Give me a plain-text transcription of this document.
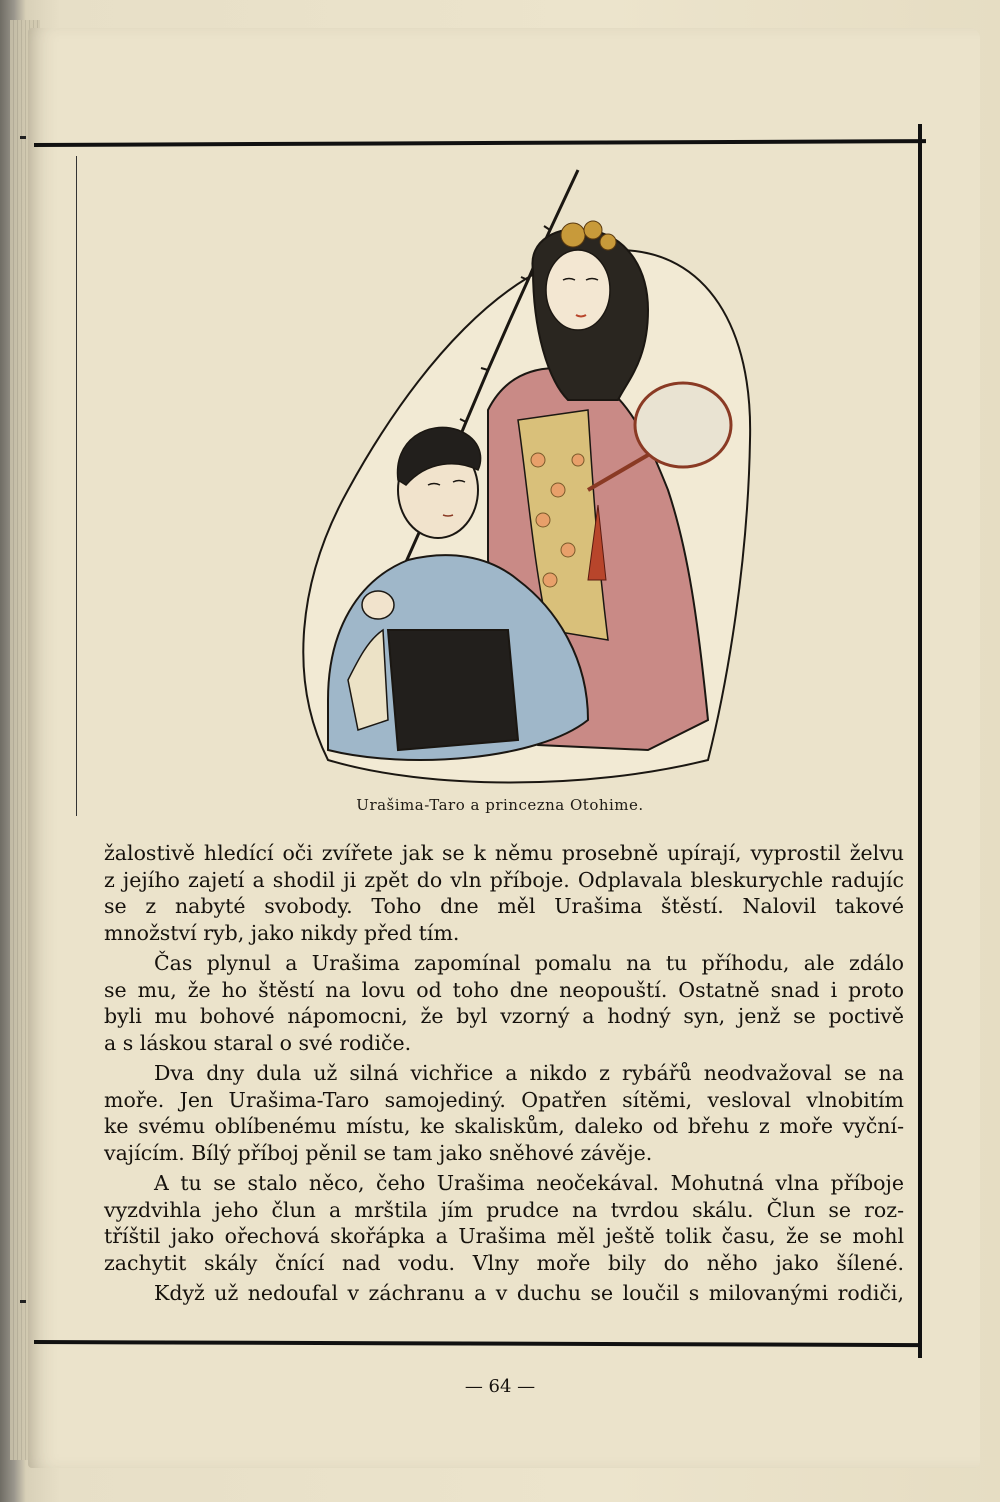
Urašima-Taro a princezna Otohime.

žalostivě hledící oči zvířete jak se k němu prosebně upírají, vyprostil želvu

z jejího zajetí a shodil ji zpět do vln příboje. Odplavala bleskurychle radujíc

se z nabyté svobody. Toho dne měl Urašima štěstí. Nalovil takové

množství ryb, jako nikdy před tím.

Čas plynul a Urašima zapomínal pomalu na tu příhodu, ale zdálo

se mu, že ho štěstí na lovu od toho dne neopouští. Ostatně snad i proto

byli mu bohové nápomocni, že byl vzorný a hodný syn, jenž se poctivě

a s láskou staral o své rodiče.

Dva dny dula už silná vichřice a nikdo z rybářů neodvažoval se na

moře. Jen Urašima-Taro samojediný. Opatřen sítěmi, vesloval vlnobitím

ke svému oblíbenému místu, ke skaliskům, daleko od břehu z moře vyční-

vajícím. Bílý příboj pěnil se tam jako sněhové závěje.

A tu se stalo něco, čeho Urašima neočekával. Mohutná vlna příboje

vyzdvihla jeho člun a mrštila jím prudce na tvrdou skálu. Člun se roz-

tříštil jako ořechová skořápka a Urašima měl ještě tolik času, že se mohl

zachytit skály čnící nad vodu. Vlny moře bily do něho jako šílené.

Když už nedoufal v záchranu a v duchu se loučil s milovanými rodiči,

— 64 —
